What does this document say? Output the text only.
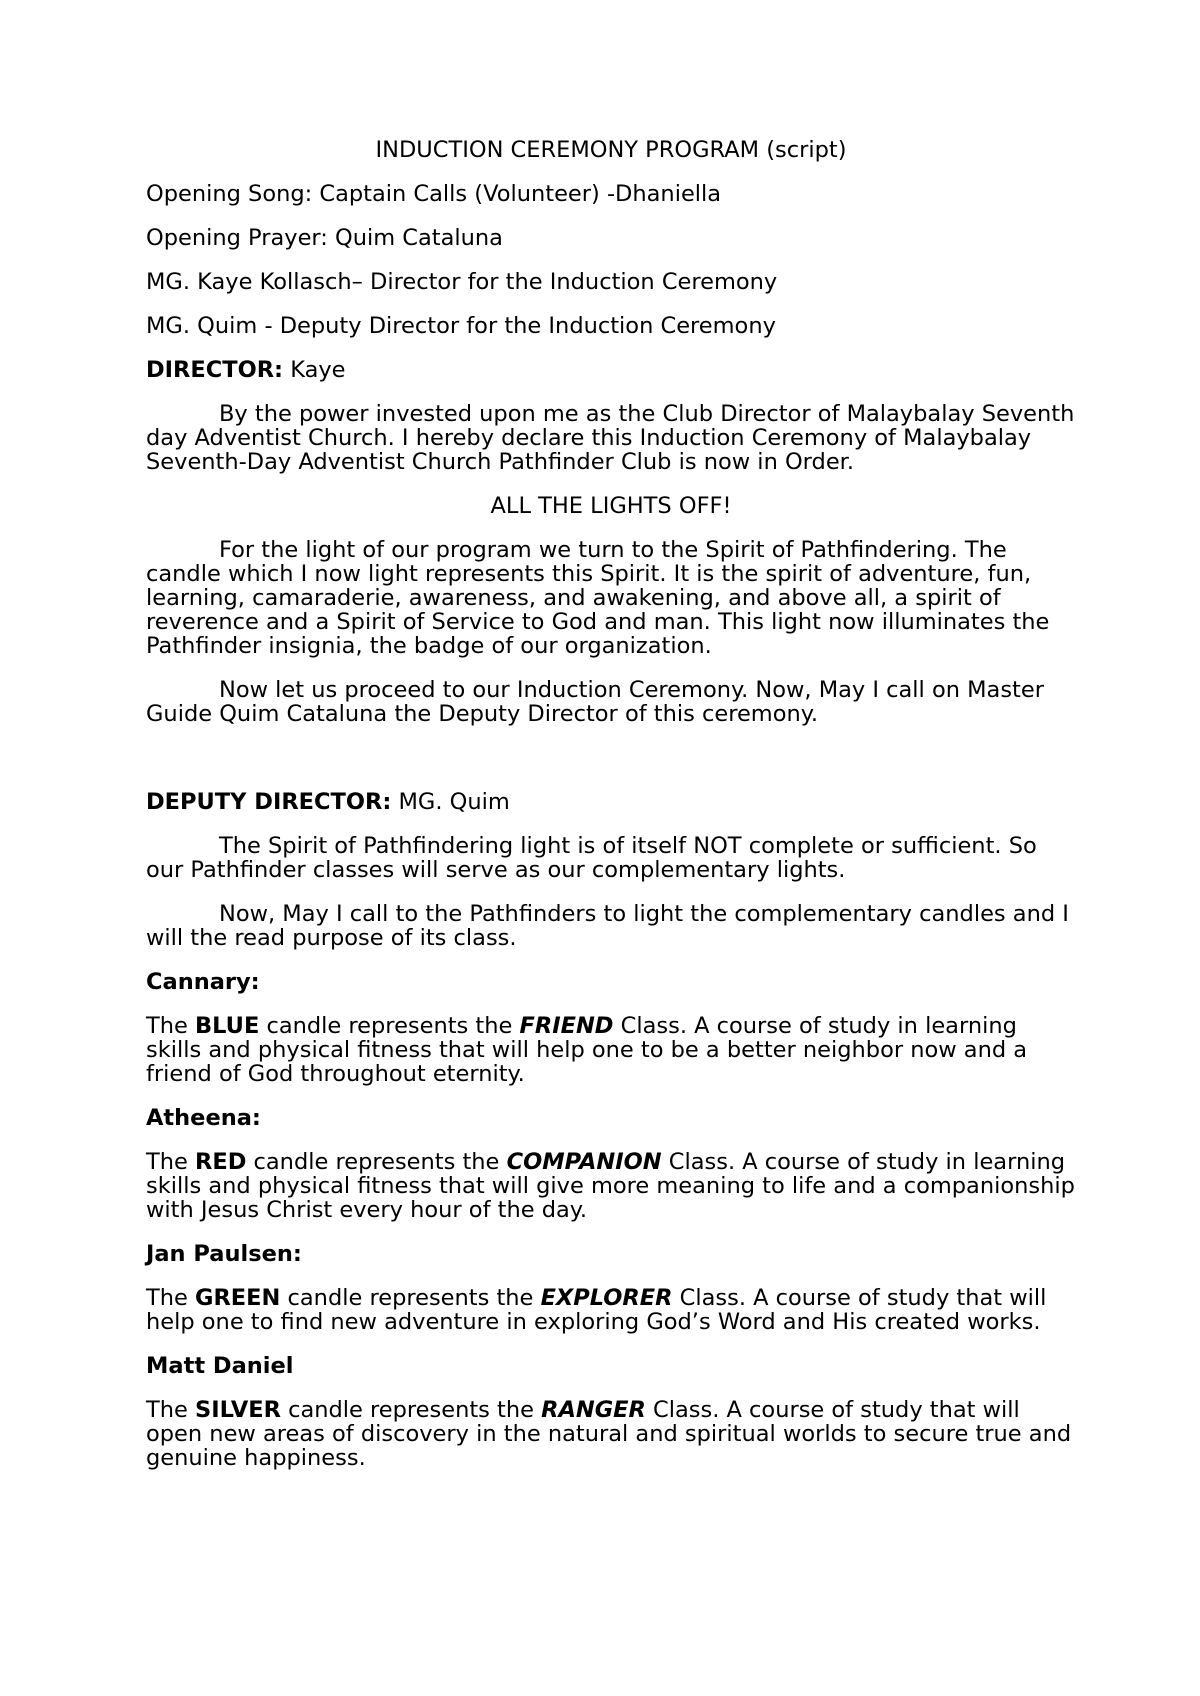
INDUCTION CEREMONY PROGRAM (script)

Opening Song: Captain Calls (Volunteer) -Dhaniella

Opening Prayer: Quim Cataluna

MG. Kaye Kollasch– Director for the Induction Ceremony

MG. Quim - Deputy Director for the Induction Ceremony

DIRECTOR: Kaye

By the power invested upon me as the Club Director of Malaybalay Seventh day Adventist Church. I hereby declare this Induction Ceremony of Malaybalay Seventh-Day Adventist Church Pathfinder Club is now in Order.

ALL THE LIGHTS OFF!

For the light of our program we turn to the Spirit of Pathfindering. The candle which I now light represents this Spirit. It is the spirit of adventure, fun, learning, camaraderie, awareness, and awakening, and above all, a spirit of reverence and a Spirit of Service to God and man. This light now illuminates the Pathfinder insignia, the badge of our organization.

Now let us proceed to our Induction Ceremony. Now, May I call on Master Guide Quim Cataluna the Deputy Director of this ceremony.

DEPUTY DIRECTOR: MG. Quim

The Spirit of Pathfindering light is of itself NOT complete or sufficient. So our Pathfinder classes will serve as our complementary lights.

Now, May I call to the Pathfinders to light the complementary candles and I will the read purpose of its class.

Cannary:

The BLUE candle represents the FRIEND Class. A course of study in learning skills and physical fitness that will help one to be a better neighbor now and a friend of God throughout eternity.

Atheena:

The RED candle represents the COMPANION Class. A course of study in learning skills and physical fitness that will give more meaning to life and a companionship with Jesus Christ every hour of the day.

Jan Paulsen:

The GREEN candle represents the EXPLORER Class. A course of study that will help one to find new adventure in exploring God’s Word and His created works.

Matt Daniel

The SILVER candle represents the RANGER Class. A course of study that will open new areas of discovery in the natural and spiritual worlds to secure true and genuine happiness.
